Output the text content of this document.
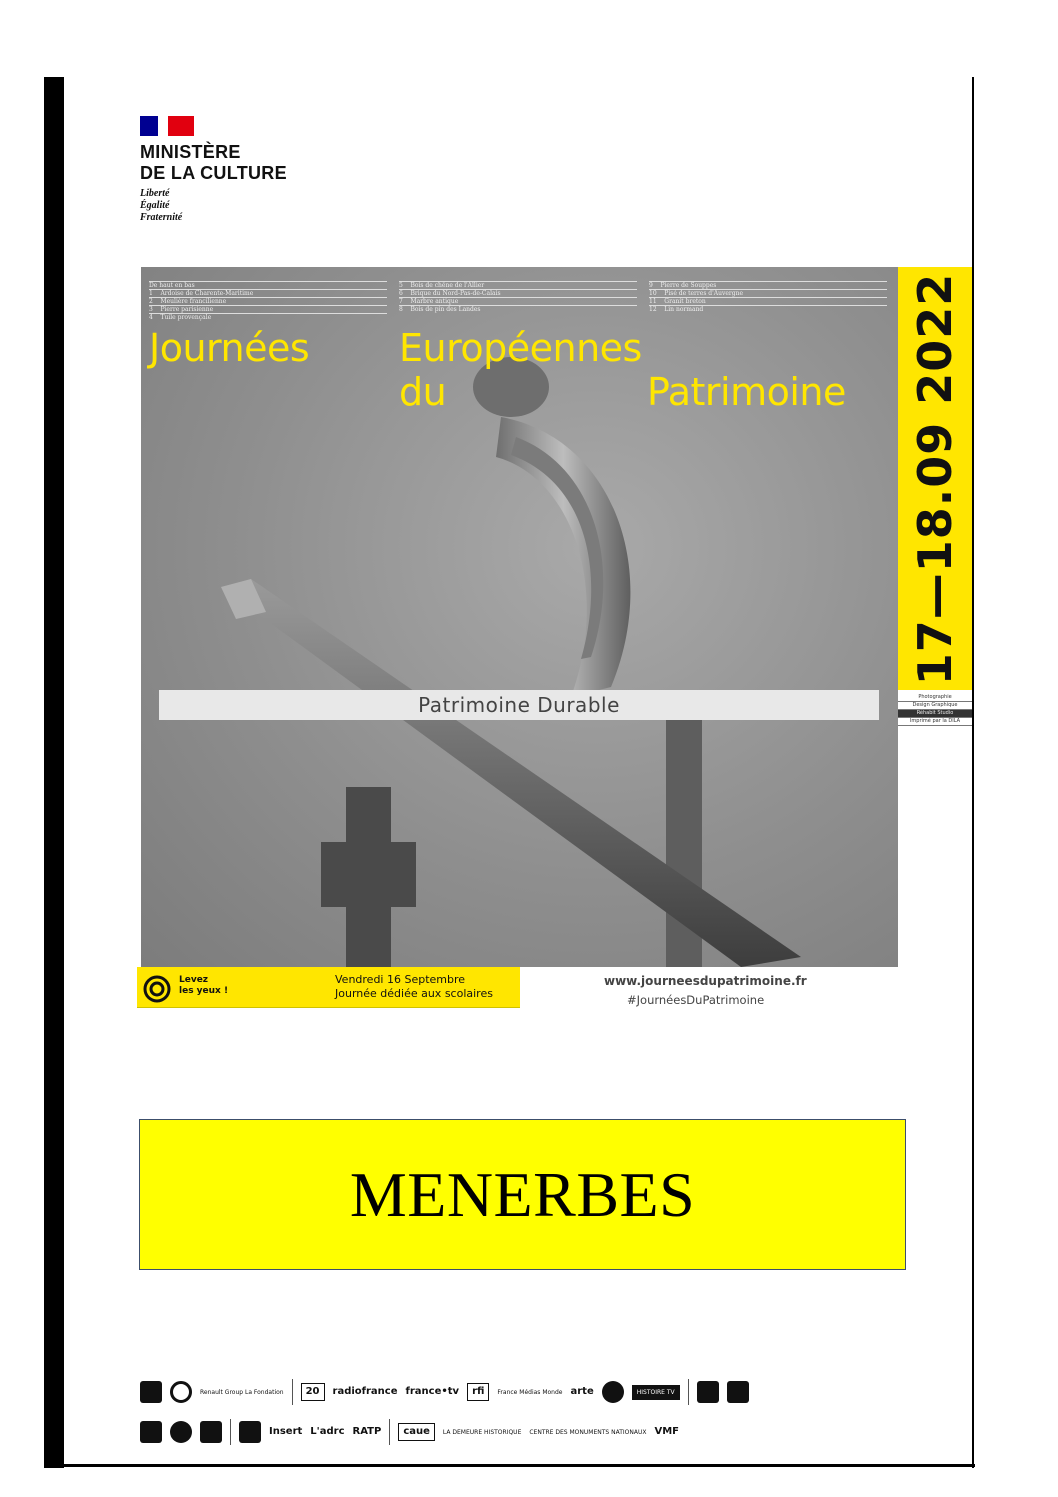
MINISTÈRE
DE LA CULTURE
Liberté
Égalité
Fraternité
De haut en bas
1 Ardoise de Charente-Maritime
2 Meulière francilienne
3 Pierre parisienne
4 Tuile provençale
5 Bois de chêne de l'Allier
6 Brique du Nord-Pas-de-Calais
7 Marbre antique
8 Bois de pin des Landes
9 Pierre de Souppes
10 Pisé de terres d'Auvergne
11 Granit breton
12 Lin normand
Journées Européennes
du	Patrimoine
Patrimoine Durable
17—18.09 2022
Photographie
Design Graphique
Réhabit Studio
Imprimé par la DILA
Levez
les yeux !
Vendredi 16 Septembre
Journée dédiée aux scolaires
www.journeesdupatrimoine.fr
#JournéesDuPatrimoine
MENERBES
Renault Group La Fondation	20	radiofrance france•tv	rfi	France Médias Monde arte	HISTOIRE TV
Insert L'adrc RATP	caue	LA DEMEURE HISTORIQUE CENTRE DES MONUMENTS NATIONAUX VMF
